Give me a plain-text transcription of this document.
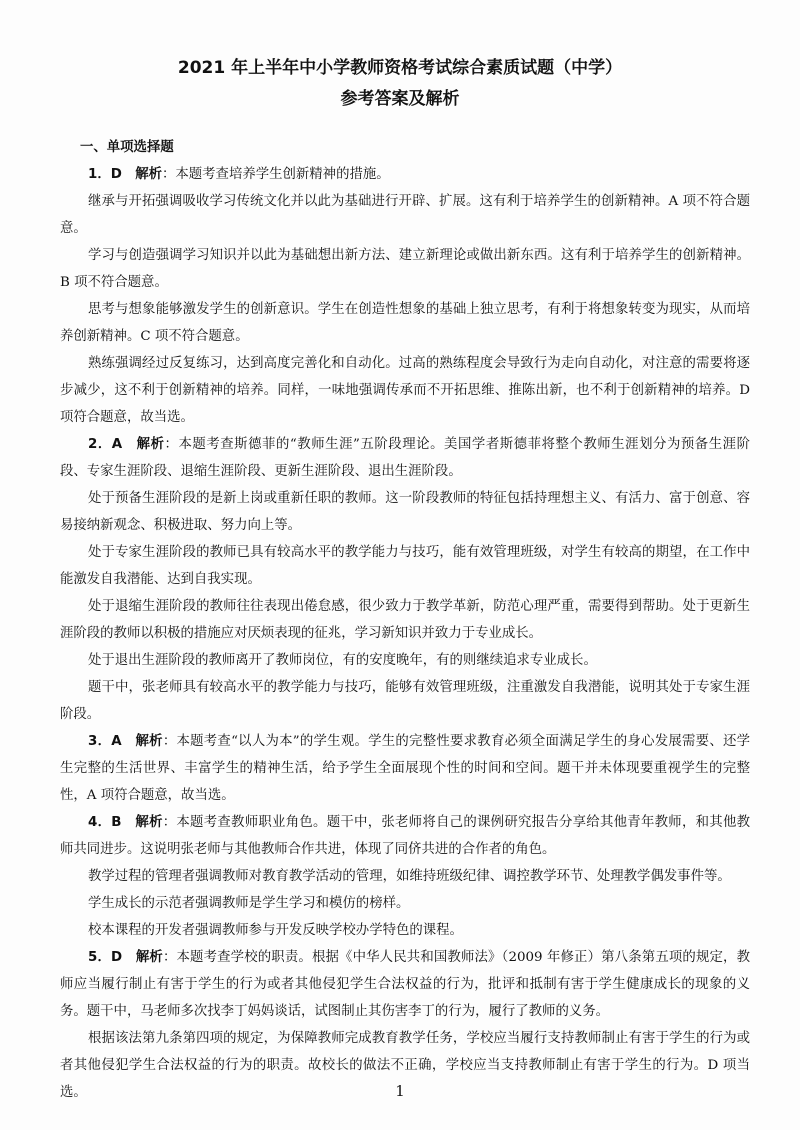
2021 年上半年中小学教师资格考试综合素质试题（中学）
参考答案及解析

一、单项选择题

1．D　 解析：本题考查培养学生创新精神的措施。

继承与开拓强调吸收学习传统文化并以此为基础进行开辟、扩展。这有利于培养学生的创新精神。A 项不符合题意。

学习与创造强调学习知识并以此为基础想出新方法、建立新理论或做出新东西。这有利于培养学生的创新精神。B 项不符合题意。

思考与想象能够激发学生的创新意识。学生在创造性想象的基础上独立思考，有利于将想象转变为现实，从而培养创新精神。C 项不符合题意。

熟练强调经过反复练习，达到高度完善化和自动化。过高的熟练程度会导致行为走向自动化，对注意的需要将逐步减少，这不利于创新精神的培养。同样，一味地强调传承而不开拓思维、推陈出新，也不利于创新精神的培养。D 项符合题意，故当选。

2．A　 解析：本题考查斯德菲的“教师生涯”五阶段理论。美国学者斯德菲将整个教师生涯划分为预备生涯阶段、专家生涯阶段、退缩生涯阶段、更新生涯阶段、退出生涯阶段。

处于预备生涯阶段的是新上岗或重新任职的教师。这一阶段教师的特征包括持理想主义、有活力、富于创意、容易接纳新观念、积极进取、努力向上等。

处于专家生涯阶段的教师已具有较高水平的教学能力与技巧，能有效管理班级，对学生有较高的期望，在工作中能激发自我潜能、达到自我实现。

处于退缩生涯阶段的教师往往表现出倦怠感，很少致力于教学革新，防范心理严重，需要得到帮助。处于更新生涯阶段的教师以积极的措施应对厌烦表现的征兆，学习新知识并致力于专业成长。

处于退出生涯阶段的教师离开了教师岗位，有的安度晚年，有的则继续追求专业成长。

题干中，张老师具有较高水平的教学能力与技巧，能够有效管理班级，注重激发自我潜能，说明其处于专家生涯阶段。

3．A　 解析：本题考查“以人为本”的学生观。学生的完整性要求教育必须全面满足学生的身心发展需要、还学生完整的生活世界、丰富学生的精神生活，给予学生全面展现个性的时间和空间。题干并未体现要重视学生的完整性，A 项符合题意，故当选。

4．B　 解析：本题考查教师职业角色。题干中，张老师将自己的课例研究报告分享给其他青年教师，和其他教师共同进步。这说明张老师与其他教师合作共进，体现了同侪共进的合作者的角色。

教学过程的管理者强调教师对教育教学活动的管理，如维持班级纪律、调控教学环节、处理教学偶发事件等。

学生成长的示范者强调教师是学生学习和模仿的榜样。

校本课程的开发者强调教师参与开发反映学校办学特色的课程。

5．D　 解析：本题考查学校的职责。根据《中华人民共和国教师法》（2009 年修正）第八条第五项的规定，教师应当履行制止有害于学生的行为或者其他侵犯学生合法权益的行为，批评和抵制有害于学生健康成长的现象的义务。题干中，马老师多次找李丁妈妈谈话，试图制止其伤害李丁的行为，履行了教师的义务。

根据该法第九条第四项的规定，为保障教师完成教育教学任务，学校应当履行支持教师制止有害于学生的行为或者其他侵犯学生合法权益的行为的职责。故校长的做法不正确，学校应当支持教师制止有害于学生的行为。D 项当选。	1
